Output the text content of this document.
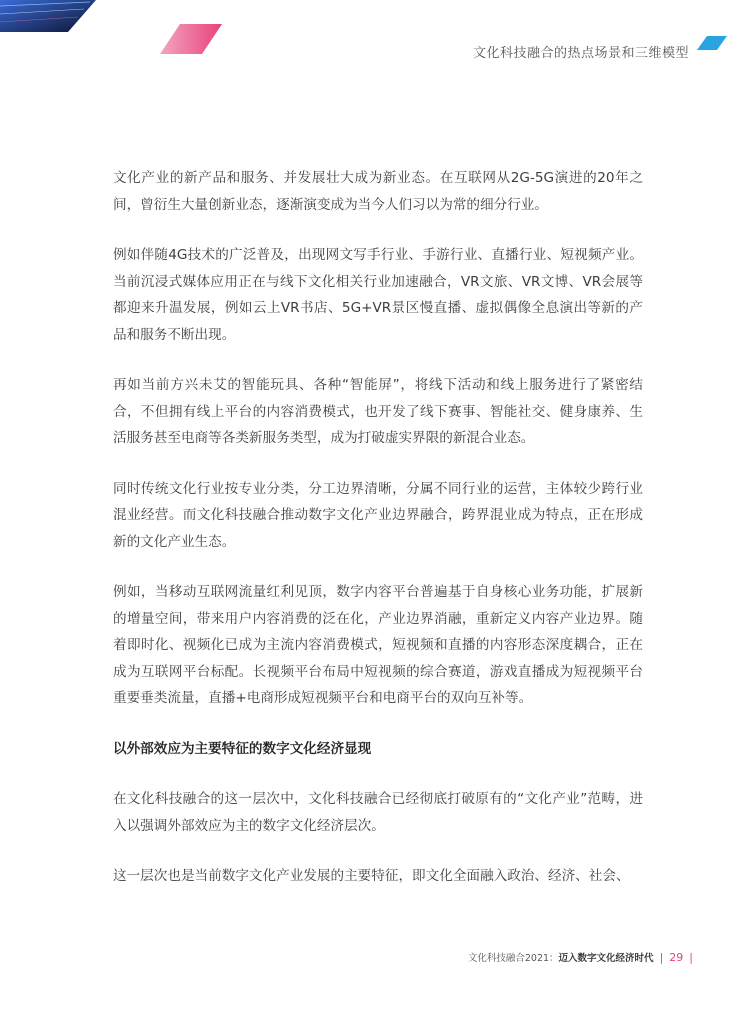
文化科技融合的热点场景和三维模型

文化产业的新产品和服务、并发展壮大成为新业态。在互联网从2G-5G演进的20年之间，曾衍生大量创新业态，逐渐演变成为当今人们习以为常的细分行业。

例如伴随4G技术的广泛普及，出现网文写手行业、手游行业、直播行业、短视频产业。当前沉浸式媒体应用正在与线下文化相关行业加速融合，VR文旅、VR文博、VR会展等都迎来升温发展，例如云上VR书店、5G+VR景区慢直播、虚拟偶像全息演出等新的产品和服务不断出现。

再如当前方兴未艾的智能玩具、各种“智能屏”，将线下活动和线上服务进行了紧密结合，不但拥有线上平台的内容消费模式，也开发了线下赛事、智能社交、健身康养、生活服务甚至电商等各类新服务类型，成为打破虚实界限的新混合业态。

同时传统文化行业按专业分类，分工边界清晰，分属不同行业的运营，主体较少跨行业混业经营。而文化科技融合推动数字文化产业边界融合，跨界混业成为特点，正在形成新的文化产业生态。

例如，当移动互联网流量红利见顶，数字内容平台普遍基于自身核心业务功能，扩展新的增量空间，带来用户内容消费的泛在化，产业边界消融，重新定义内容产业边界。随着即时化、视频化已成为主流内容消费模式，短视频和直播的内容形态深度耦合，正在成为互联网平台标配。长视频平台布局中短视频的综合赛道，游戏直播成为短视频平台重要垂类流量，直播+电商形成短视频平台和电商平台的双向互补等。

以外部效应为主要特征的数字文化经济显现

在文化科技融合的这一层次中，文化科技融合已经彻底打破原有的“文化产业”范畴，进入以强调外部效应为主的数字文化经济层次。

这一层次也是当前数字文化产业发展的主要特征，即文化全面融入政治、经济、社会、

文化科技融合2021：迈入数字文化经济时代 | 29 |
